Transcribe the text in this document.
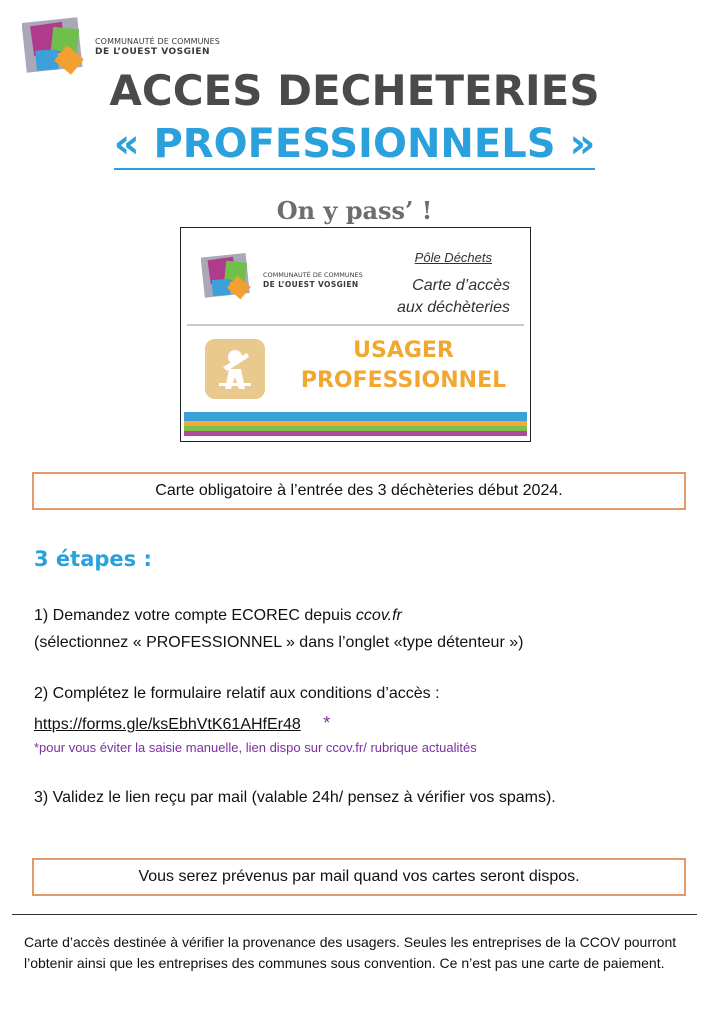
COMMUNAUTÉ DE COMMUNES
DE L’OUEST VOSGIEN
ACCES DECHETERIES
« PROFESSIONNELS »
On y pass’ !
COMMUNAUTÉ DE COMMUNES
DE L’OUEST VOSGIEN
Pôle Déchets
Carte d’accès
aux déchèteries
USAGER
PROFESSIONNEL
Carte obligatoire à l’entrée des 3 déchèteries début 2024.
3 étapes :
1) Demandez votre compte ECOREC depuis ccov.fr
(sélectionnez « PROFESSIONNEL » dans l’onglet «type détenteur »)
2) Complétez le formulaire relatif aux conditions d’accès :
https://forms.gle/ksEbhVtK61AHfEr48 *
*pour vous éviter la saisie manuelle, lien dispo sur ccov.fr/ rubrique actualités
3) Validez le lien reçu par mail (valable 24h/ pensez à vérifier vos spams).
Vous serez prévenus par mail quand vos cartes seront dispos.
Carte d’accès destinée à vérifier la provenance des usagers. Seules les entreprises de la CCOV pourront l’obtenir ainsi que les entreprises des communes sous convention. Ce n’est pas une carte de paiement.
